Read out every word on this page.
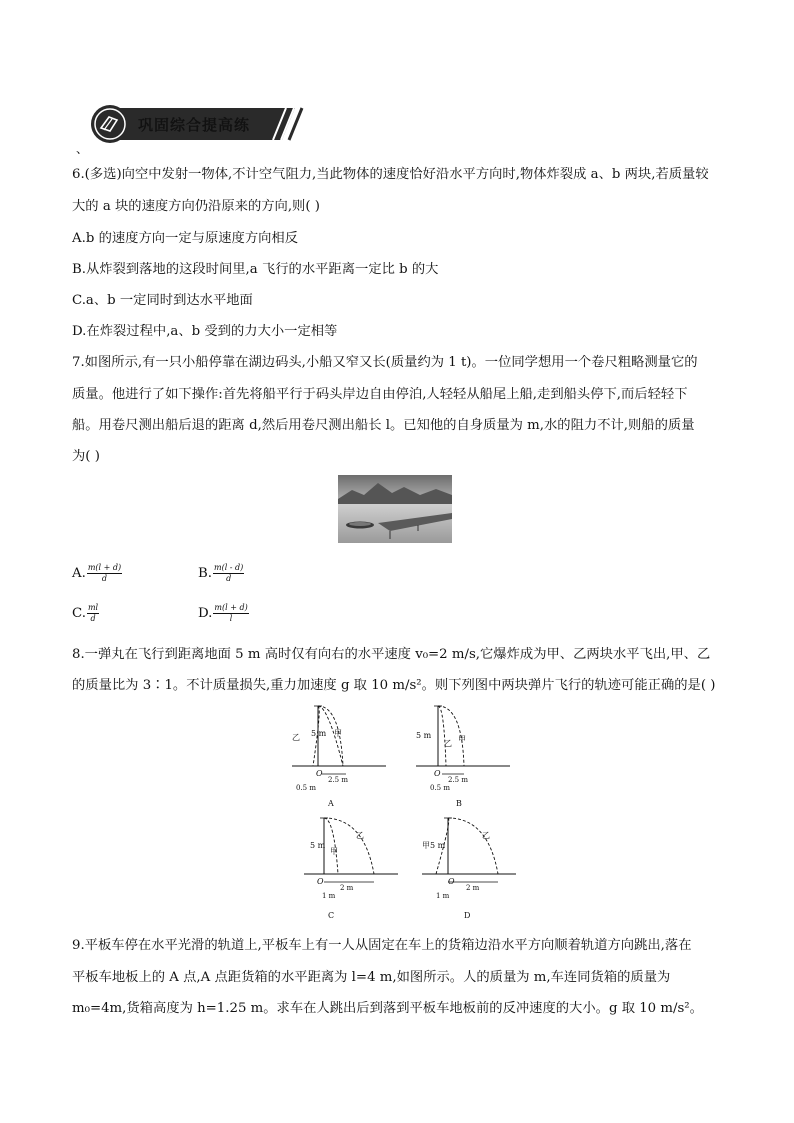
巩固综合提高练
、
6.(多选)向空中发射一物体,不计空气阻力,当此物体的速度恰好沿水平方向时,物体炸裂成 a、b 两块,若质量较
大的 a 块的速度方向仍沿原来的方向,则( )
A.b 的速度方向一定与原速度方向相反
B.从炸裂到落地的这段时间里,a 飞行的水平距离一定比 b 的大
C.a、b 一定同时到达水平地面
D.在炸裂过程中,a、b 受到的力大小一定相等
7.如图所示,有一只小船停靠在湖边码头,小船又窄又长(质量约为 1 t)。一位同学想用一个卷尺粗略测量它的
质量。他进行了如下操作:首先将船平行于码头岸边自由停泊,人轻轻从船尾上船,走到船头停下,而后轻轻下
船。用卷尺测出船后退的距离 d,然后用卷尺测出船长 l。已知他的自身质量为 m,水的阻力不计,则船的质量
为( )
A. $\frac{m(l + d)}{d}$	B. $\frac{m(l - d)}{d}$
C. $\frac{ml}{d}$	D. $\frac{m(l + d)}{l}$
8.一弹丸在飞行到距离地面 5 m 高时仅有向右的水平速度 v₀=2 m/s,它爆炸成为甲、乙两块水平飞出,甲、乙
的质量比为 3∶1。不计质量损失,重力加速度 g 取 10 m/s²。则下列图中两块弹片飞行的轨迹可能正确的是( )
5 m
乙	甲
O
2.5 m
0.5 m
A
5 m
乙 甲
O
2.5 m
0.5 m
B
5 m
甲
乙
O
2 m
1 m
C
5 m
甲
乙
O
2 m
1 m
D
9.平板车停在水平光滑的轨道上,平板车上有一人从固定在车上的货箱边沿水平方向顺着轨道方向跳出,落在
平板车地板上的 A 点,A 点距货箱的水平距离为 l=4 m,如图所示。人的质量为 m,车连同货箱的质量为
m₀=4m,货箱高度为 h=1.25 m。求车在人跳出后到落到平板车地板前的反冲速度的大小。g 取 10 m/s²。
